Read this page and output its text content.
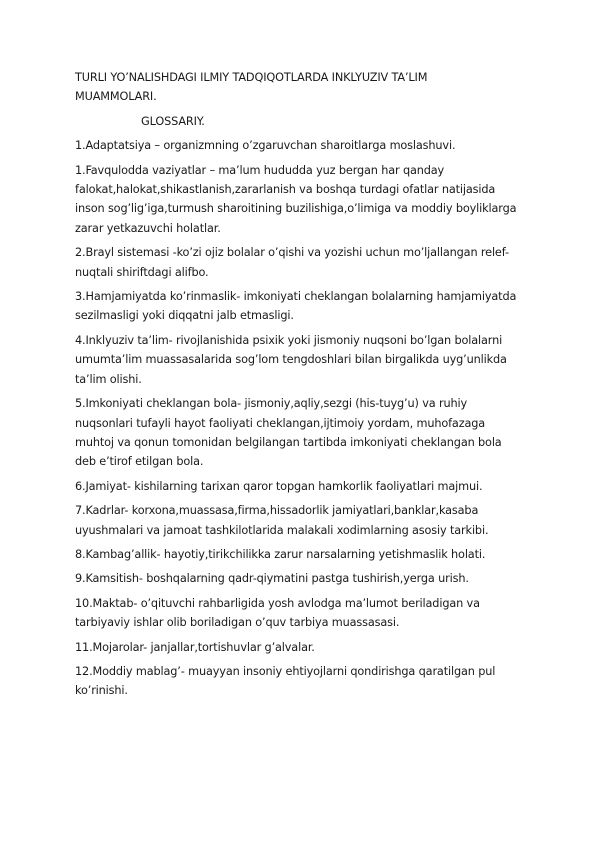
TURLI YO’NALISHDAGI ILMIY TADQIQOTLARDA INKLYUZIV TA’LIM
MUAMMOLARI.
GLOSSARIY.
1.Adaptatsiya – organizmning o’zgaruvchan sharoitlarga moslashuvi.
1.Favqulodda vaziyatlar – ma’lum hududda yuz bergan har qanday
falokat,halokat,shikastlanish,zararlanish va boshqa turdagi ofatlar natijasida
inson sog’lig’iga,turmush sharoitining buzilishiga,o’limiga va moddiy boyliklarga
zarar yetkazuvchi holatlar.
2.Brayl sistemasi -ko’zi ojiz bolalar o’qishi va yozishi uchun mo’ljallangan relef-
nuqtali shiriftdagi alifbo.
3.Hamjamiyatda ko’rinmaslik- imkoniyati cheklangan bolalarning hamjamiyatda
sezilmasligi yoki diqqatni jalb etmasligi.
4.Inklyuziv ta’lim- rivojlanishida psixik yoki jismoniy nuqsoni bo’lgan bolalarni
umumta’lim muassasalarida sog’lom tengdoshlari bilan birgalikda uyg’unlikda
ta’lim olishi.
5.Imkoniyati cheklangan bola- jismoniy,aqliy,sezgi (his-tuyg’u) va ruhiy
nuqsonlari tufayli hayot faoliyati cheklangan,ijtimoiy yordam, muhofazaga
muhtoj va qonun tomonidan belgilangan tartibda imkoniyati cheklangan bola
deb e’tirof etilgan bola.
6.Jamiyat- kishilarning tarixan qaror topgan hamkorlik faoliyatlari majmui.
7.Kadrlar- korxona,muassasa,firma,hissadorlik jamiyatlari,banklar,kasaba
uyushmalari va jamoat tashkilotlarida malakali xodimlarning asosiy tarkibi.
8.Kambag’allik- hayotiy,tirikchilikka zarur narsalarning yetishmaslik holati.
9.Kamsitish- boshqalarning qadr-qiymatini pastga tushirish,yerga urish.
10.Maktab- o’qituvchi rahbarligida yosh avlodga ma’lumot beriladigan va
tarbiyaviy ishlar olib boriladigan o’quv tarbiya muassasasi.
11.Mojarolar- janjallar,tortishuvlar g’alvalar.
12.Moddiy mablag’- muayyan insoniy ehtiyojlarni qondirishga qaratilgan pul
ko’rinishi.
